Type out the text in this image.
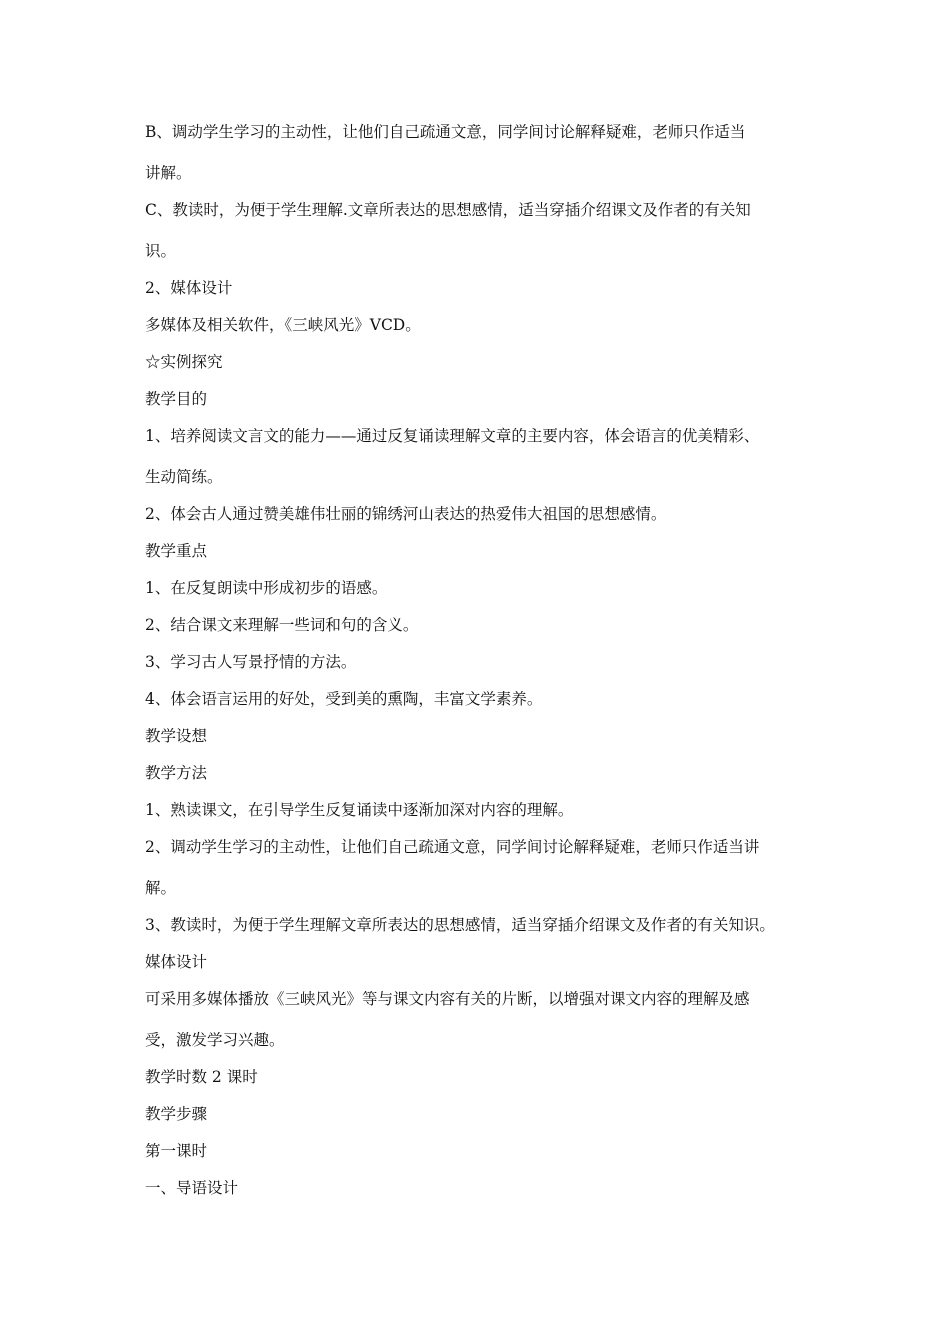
B、调动学生学习的主动性，让他们自己疏通文意，同学间讨论解释疑难，老师只作适当

讲解。

C、教读时，为便于学生理解.文章所表达的思想感情，适当穿插介绍课文及作者的有关知

识。

2、媒体设计

多媒体及相关软件，《三峡风光》VCD。

☆实例探究

教学目的

1、培养阅读文言文的能力——通过反复诵读理解文章的主要内容，体会语言的优美精彩、

生动简练。

2、体会古人通过赞美雄伟壮丽的锦绣河山表达的热爱伟大祖国的思想感情。

教学重点

1、在反复朗读中形成初步的语感。

2、结合课文来理解一些词和句的含义。

3、学习古人写景抒情的方法。

4、体会语言运用的好处，受到美的熏陶，丰富文学素养。

教学设想

教学方法

1、熟读课文，在引导学生反复诵读中逐渐加深对内容的理解。

2、调动学生学习的主动性，让他们自己疏通文意，同学间讨论解释疑难，老师只作适当讲

解。

3、教读时，为便于学生理解文章所表达的思想感情，适当穿插介绍课文及作者的有关知识。

媒体设计

可采用多媒体播放《三峡风光》等与课文内容有关的片断，以增强对课文内容的理解及感

受，激发学习兴趣。

教学时数 2 课时

教学步骤

第一课时

一、导语设计
